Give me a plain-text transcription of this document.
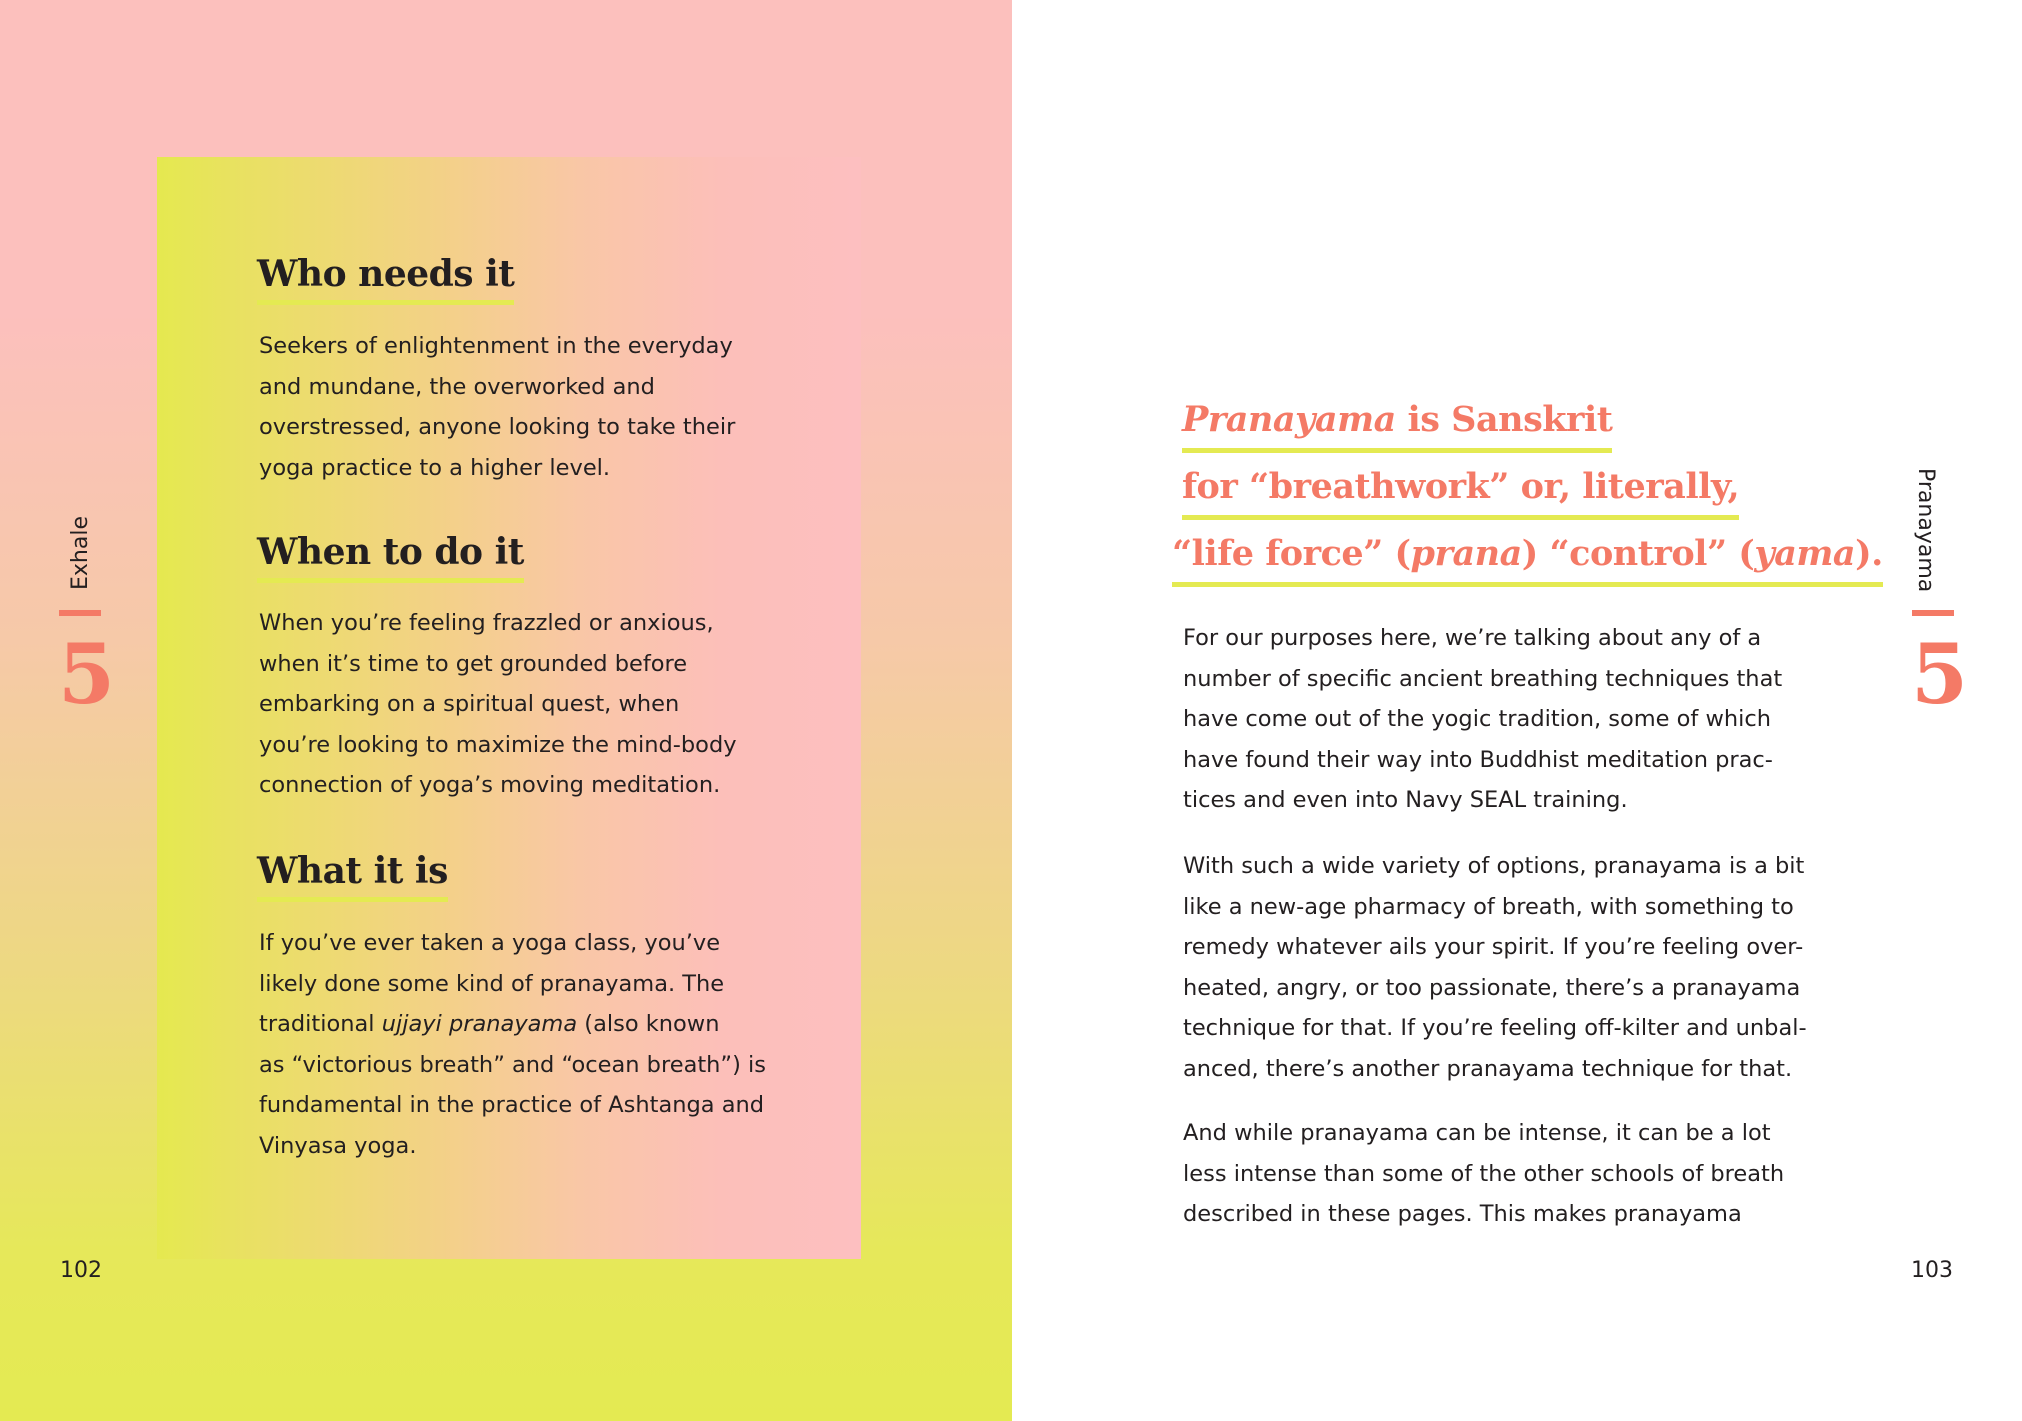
Who needs it
Seekers of enlightenment in the everyday
and mundane, the overworked and
overstressed, anyone looking to take their
yoga practice to a higher level.
When to do it
When you’re feeling frazzled or anxious,
when it’s time to get grounded before
embarking on a spiritual quest, when
you’re looking to maximize the mind-body
connection of yoga’s moving meditation.
What it is
If you’ve ever taken a yoga class, you’ve
likely done some kind of pranayama. The
traditional ujjayi pranayama (also known
as “victorious breath” and “ocean breath”) is
fundamental in the practice of Ashtanga and
Vinyasa yoga.
Exhale
5
102
Pranayama is Sanskrit
for “breathwork” or, literally,
“life force” (prana) “control” (yama).
For our purposes here, we’re talking about any of a
number of specific ancient breathing techniques that
have come out of the yogic tradition, some of which
have found their way into Buddhist meditation prac-
tices and even into Navy SEAL training.
With such a wide variety of options, pranayama is a bit
like a new-age pharmacy of breath, with something to
remedy whatever ails your spirit. If you’re feeling over-
heated, angry, or too passionate, there’s a pranayama
technique for that. If you’re feeling off-kilter and unbal-
anced, there’s another pranayama technique for that.
And while pranayama can be intense, it can be a lot
less intense than some of the other schools of breath
described in these pages. This makes pranayama
Pranayama
5
103
